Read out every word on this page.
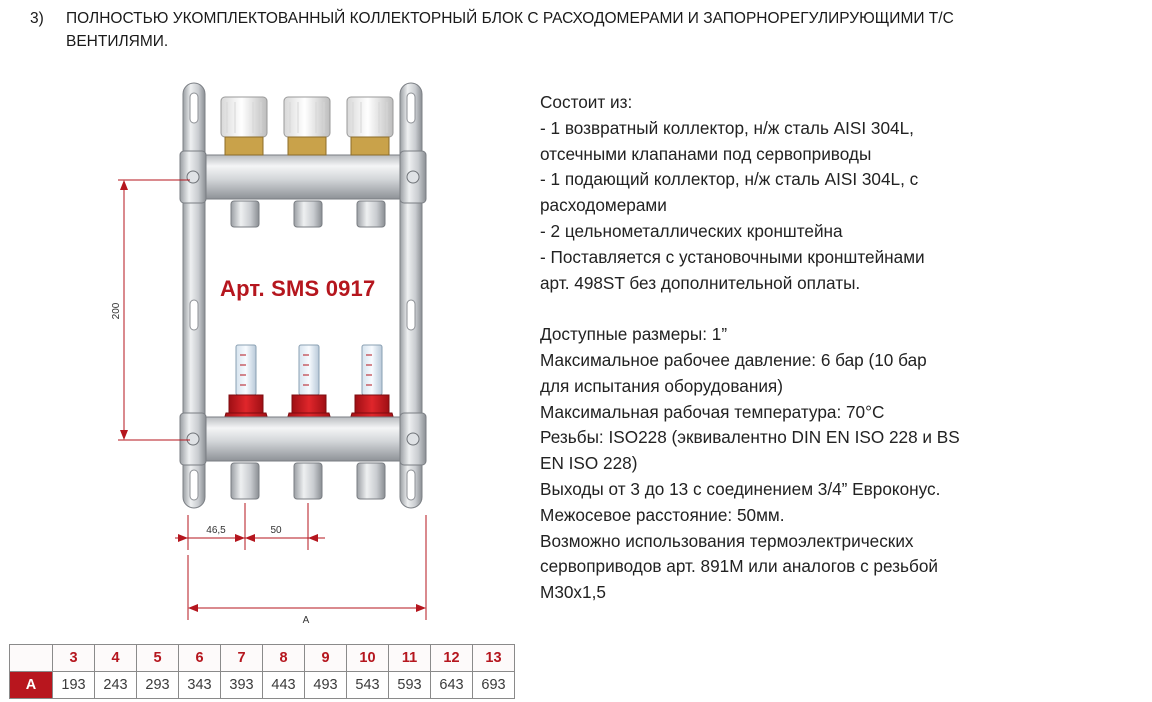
3) ПОЛНОСТЬЮ УКОМПЛЕКТОВАННЫЙ КОЛЛЕКТОРНЫЙ БЛОК С РАСХОДОМЕРАМИ И ЗАПОРНОРЕГУЛИРУЮЩИМИ Т/С ВЕНТИЛЯМИ.
200
46,5	50
A
Арт. SMS 0917
Состоит из:
- 1 возвратный коллектор, н/ж сталь AISI 304L,
отсечными клапанами под сервоприводы
- 1 подающий коллектор, н/ж сталь AISI 304L, с
расходомерами
- 2 цельнометаллических кронштейна
- Поставляется с установочными кронштейнами
арт. 498ST без дополнительной оплаты.
Доступные размеры: 1”
Максимальное рабочее давление: 6 бар (10 бар
для испытания оборудования)
Максимальная рабочая температура: 70°С
Резьбы: ISO228 (эквивалентно DIN EN ISO 228 и BS
EN ISO 228)
Выходы от 3 до 13 с соединением 3/4” Евроконус.
Межосевое расстояние: 50мм.
Возможно использования термоэлектрических
сервоприводов арт. 891M или аналогов с резьбой
M30x1,5
	3	4	5	6	7	8	9	10	11	12	13
A	193	243	293	343	393	443	493	543	593	643	693
